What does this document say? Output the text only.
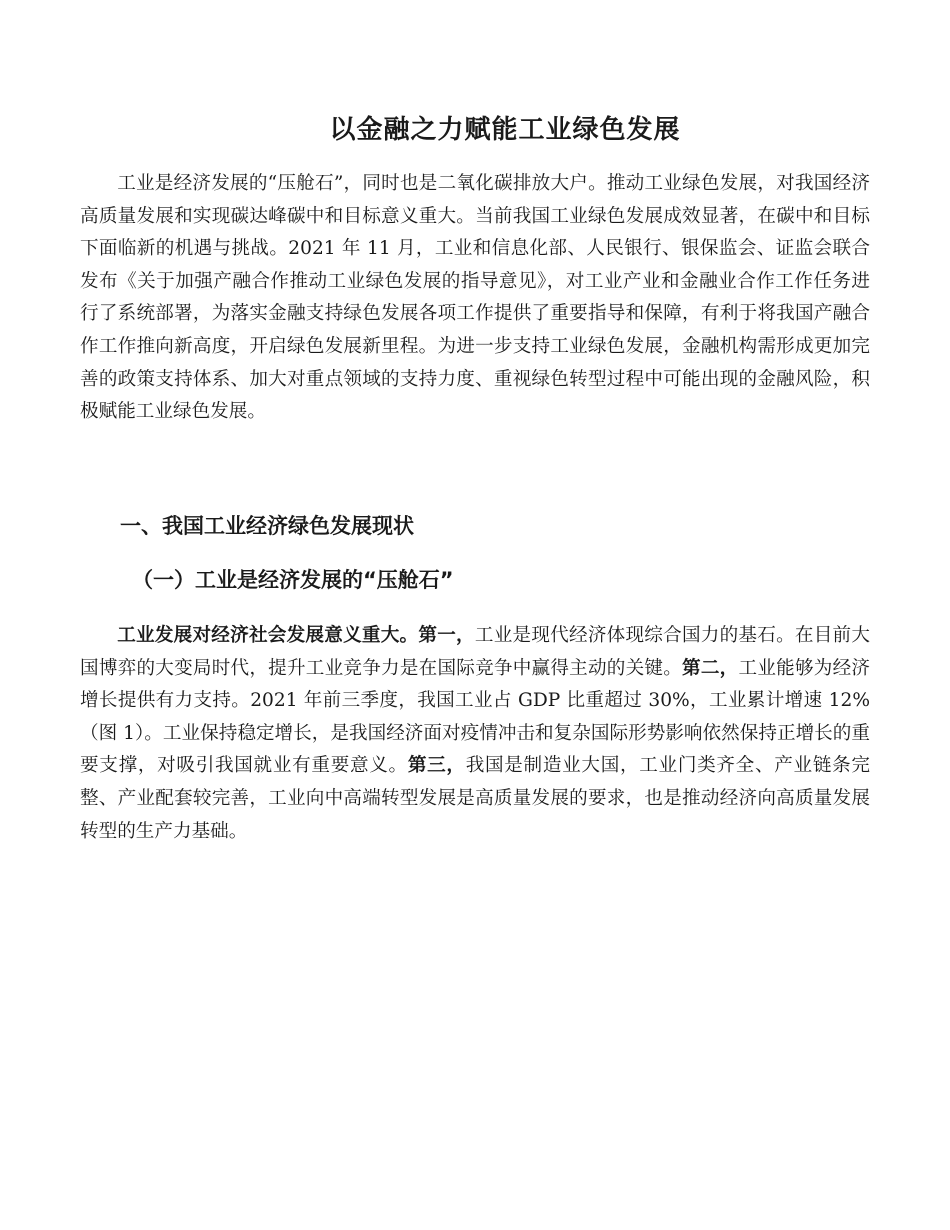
以金融之力赋能工业绿色发展

工业是经济发展的“压舱石”，同时也是二氧化碳排放大户。推动工业绿色发展，对我国经济高质量发展和实现碳达峰碳中和目标意义重大。当前我国工业绿色发展成效显著，在碳中和目标下面临新的机遇与挑战。2021 年 11 月，工业和信息化部、人民银行、银保监会、证监会联合发布《关于加强产融合作推动工业绿色发展的指导意见》，对工业产业和金融业合作工作任务进行了系统部署，为落实金融支持绿色发展各项工作提供了重要指导和保障，有利于将我国产融合作工作推向新高度，开启绿色发展新里程。为进一步支持工业绿色发展，金融机构需形成更加完善的政策支持体系、加大对重点领域的支持力度、重视绿色转型过程中可能出现的金融风险，积极赋能工业绿色发展。

一、我国工业经济绿色发展现状
（一）工业是经济发展的“压舱石”

工业发展对经济社会发展意义重大。第一，工业是现代经济体现综合国力的基石。在目前大国博弈的大变局时代，提升工业竞争力是在国际竞争中赢得主动的关键。第二，工业能够为经济增长提供有力支持。2021 年前三季度，我国工业占 GDP 比重超过 30%，工业累计增速 12%（图 1）。工业保持稳定增长，是我国经济面对疫情冲击和复杂国际形势影响依然保持正增长的重要支撑，对吸引我国就业有重要意义。第三，我国是制造业大国，工业门类齐全、产业链条完整、产业配套较完善，工业向中高端转型发展是高质量发展的要求，也是推动经济向高质量发展转型的生产力基础。
